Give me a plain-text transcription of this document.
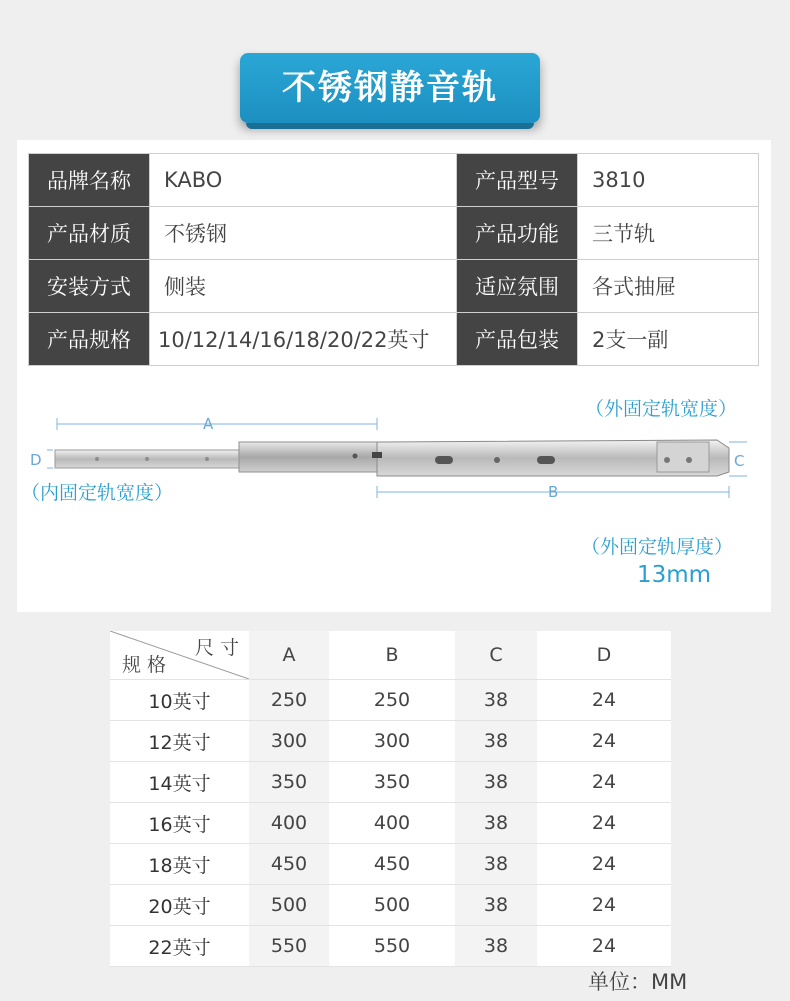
不锈钢静音轨
品牌名称	KABO	产品型号	3810
产品材质	不锈钢	产品功能	三节轨
安装方式	侧装	适应氛围	各式抽屉
产品规格	10/12/14/16/18/20/22英寸	产品包装	2支一副
A
B
C
D
（外固定轨宽度）
（内固定轨宽度）
（外固定轨厚度）
13mm
尺 寸
规 格	A	B	C	D
10英寸	250	250	38	24
12英寸	300	300	38	24
14英寸	350	350	38	24
16英寸	400	400	38	24
18英寸	450	450	38	24
20英寸	500	500	38	24
22英寸	550	550	38	24
单位：MM
